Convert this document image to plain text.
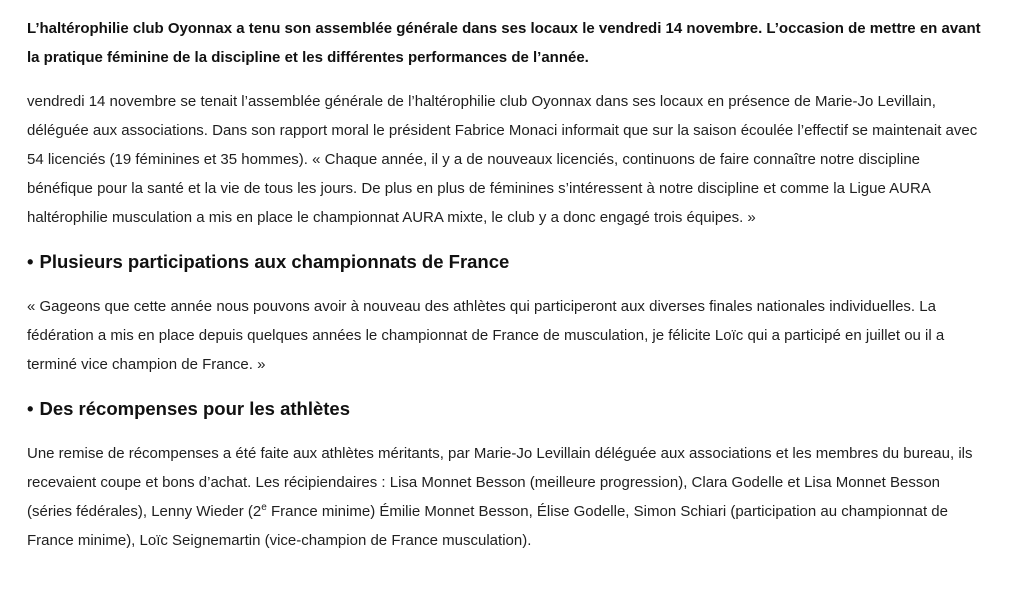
L’haltérophilie club Oyonnax a tenu son assemblée générale dans ses locaux le vendredi 14 novembre. L’occasion de mettre en avant la pratique féminine de la discipline et les différentes performances de l’année.

vendredi 14 novembre se tenait l’assemblée générale de l’haltérophilie club Oyonnax dans ses locaux en présence de Marie-Jo Levillain, déléguée aux associations. Dans son rapport moral le président Fabrice Monaci informait que sur la saison écoulée l’effectif se maintenait avec 54 licenciés (19 féminines et 35 hommes). « Chaque année, il y a de nouveaux licenciés, continuons de faire connaître notre discipline bénéfique pour la santé et la vie de tous les jours. De plus en plus de féminines s’intéressent à notre discipline et comme la Ligue AURA haltérophilie musculation a mis en place le championnat AURA mixte, le club y a donc engagé trois équipes. »

• Plusieurs participations aux championnats de France

« Gageons que cette année nous pouvons avoir à nouveau des athlètes qui participeront aux diverses finales nationales individuelles. La fédération a mis en place depuis quelques années le championnat de France de musculation, je félicite Loïc qui a participé en juillet ou il a terminé vice champion de France. »

• Des récompenses pour les athlètes

Une remise de récompenses a été faite aux athlètes méritants, par Marie-Jo Levillain déléguée aux associations et les membres du bureau, ils recevaient coupe et bons d’achat. Les récipiendaires : Lisa Monnet Besson (meilleure progression), Clara Godelle et Lisa Monnet Besson (séries fédérales), Lenny Wieder (2e France minime) Émilie Monnet Besson, Élise Godelle, Simon Schiari (participation au championnat de France minime), Loïc Seignemartin (vice-champion de France musculation).
